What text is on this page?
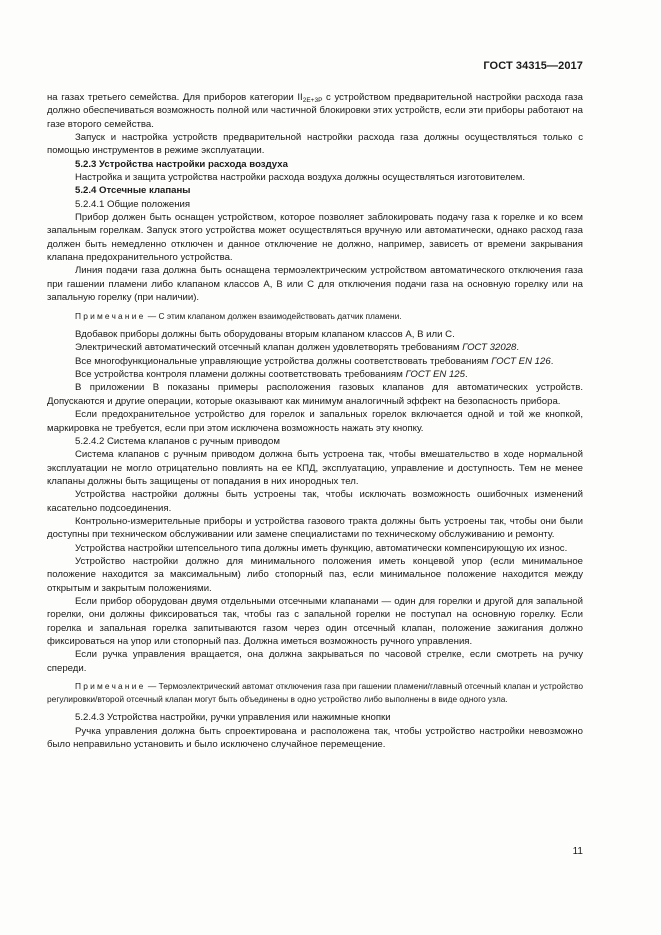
ГОСТ 34315—2017

на газах третьего семейства. Для приборов категории $II_{2E+3P}$ с устройством предварительной настройки расхода газа должно обеспечиваться возможность полной или частичной блокировки этих устройств, если эти приборы работают на газе второго семейства.

Запуск и настройка устройств предварительной настройки расхода газа должны осуществляться только с помощью инструментов в режиме эксплуатации.

5.2.3 Устройства настройки расхода воздуха

Настройка и защита устройства настройки расхода воздуха должны осуществляться изготовителем.

5.2.4 Отсечные клапаны

5.2.4.1 Общие положения

Прибор должен быть оснащен устройством, которое позволяет заблокировать подачу газа к горелке и ко всем запальным горелкам. Запуск этого устройства может осуществляться вручную или автоматически, однако расход газа должен быть немедленно отключен и данное отключение не должно, например, зависеть от времени закрывания клапана предохранительного устройства.

Линия подачи газа должна быть оснащена термоэлектрическим устройством автоматического отключения газа при гашении пламени либо клапаном классов А, В или С для отключения подачи газа на основную горелку или на запальную горелку (при наличии).

Примечание — С этим клапаном должен взаимодействовать датчик пламени.

Вдобавок приборы должны быть оборудованы вторым клапаном классов А, В или С.

Электрический автоматический отсечный клапан должен удовлетворять требованиям ГОСТ 32028.

Все многофункциональные управляющие устройства должны соответствовать требованиям ГОСТ EN 126.

Все устройства контроля пламени должны соответствовать требованиям ГОСТ EN 125.

В приложении В показаны примеры расположения газовых клапанов для автоматических устройств. Допускаются и другие операции, которые оказывают как минимум аналогичный эффект на безопасность прибора.

Если предохранительное устройство для горелок и запальных горелок включается одной и той же кнопкой, маркировка не требуется, если при этом исключена возможность нажать эту кнопку.

5.2.4.2 Система клапанов с ручным приводом

Система клапанов с ручным приводом должна быть устроена так, чтобы вмешательство в ходе нормальной эксплуатации не могло отрицательно повлиять на ее КПД, эксплуатацию, управление и доступность. Тем не менее клапаны должны быть защищены от попадания в них инородных тел.

Устройства настройки должны быть устроены так, чтобы исключать возможность ошибочных изменений касательно подсоединения.

Контрольно-измерительные приборы и устройства газового тракта должны быть устроены так, чтобы они были доступны при техническом обслуживании или замене специалистами по техническому обслуживанию и ремонту.

Устройства настройки штепсельного типа должны иметь функцию, автоматически компенсирующую их износ.

Устройство настройки должно для минимального положения иметь концевой упор (если минимальное положение находится за максимальным) либо стопорный паз, если минимальное положение находится между открытым и закрытым положениями.

Если прибор оборудован двумя отдельными отсечными клапанами — один для горелки и другой для запальной горелки, они должны фиксироваться так, чтобы газ с запальной горелки не поступал на основную горелку. Если горелка и запальная горелка запитываются газом через один отсечный клапан, положение зажигания должно фиксироваться на упор или стопорный паз. Должна иметься возможность ручного управления.

Если ручка управления вращается, она должна закрываться по часовой стрелке, если смотреть на ручку спереди.

Примечание — Термоэлектрический автомат отключения газа при гашении пламени/главный отсечный клапан и устройство регулировки/второй отсечный клапан могут быть объединены в одно устройство либо выполнены в виде одного узла.

5.2.4.3 Устройства настройки, ручки управления или нажимные кнопки

Ручка управления должна быть спроектирована и расположена так, чтобы устройство настройки невозможно было неправильно установить и было исключено случайное перемещение.

11
